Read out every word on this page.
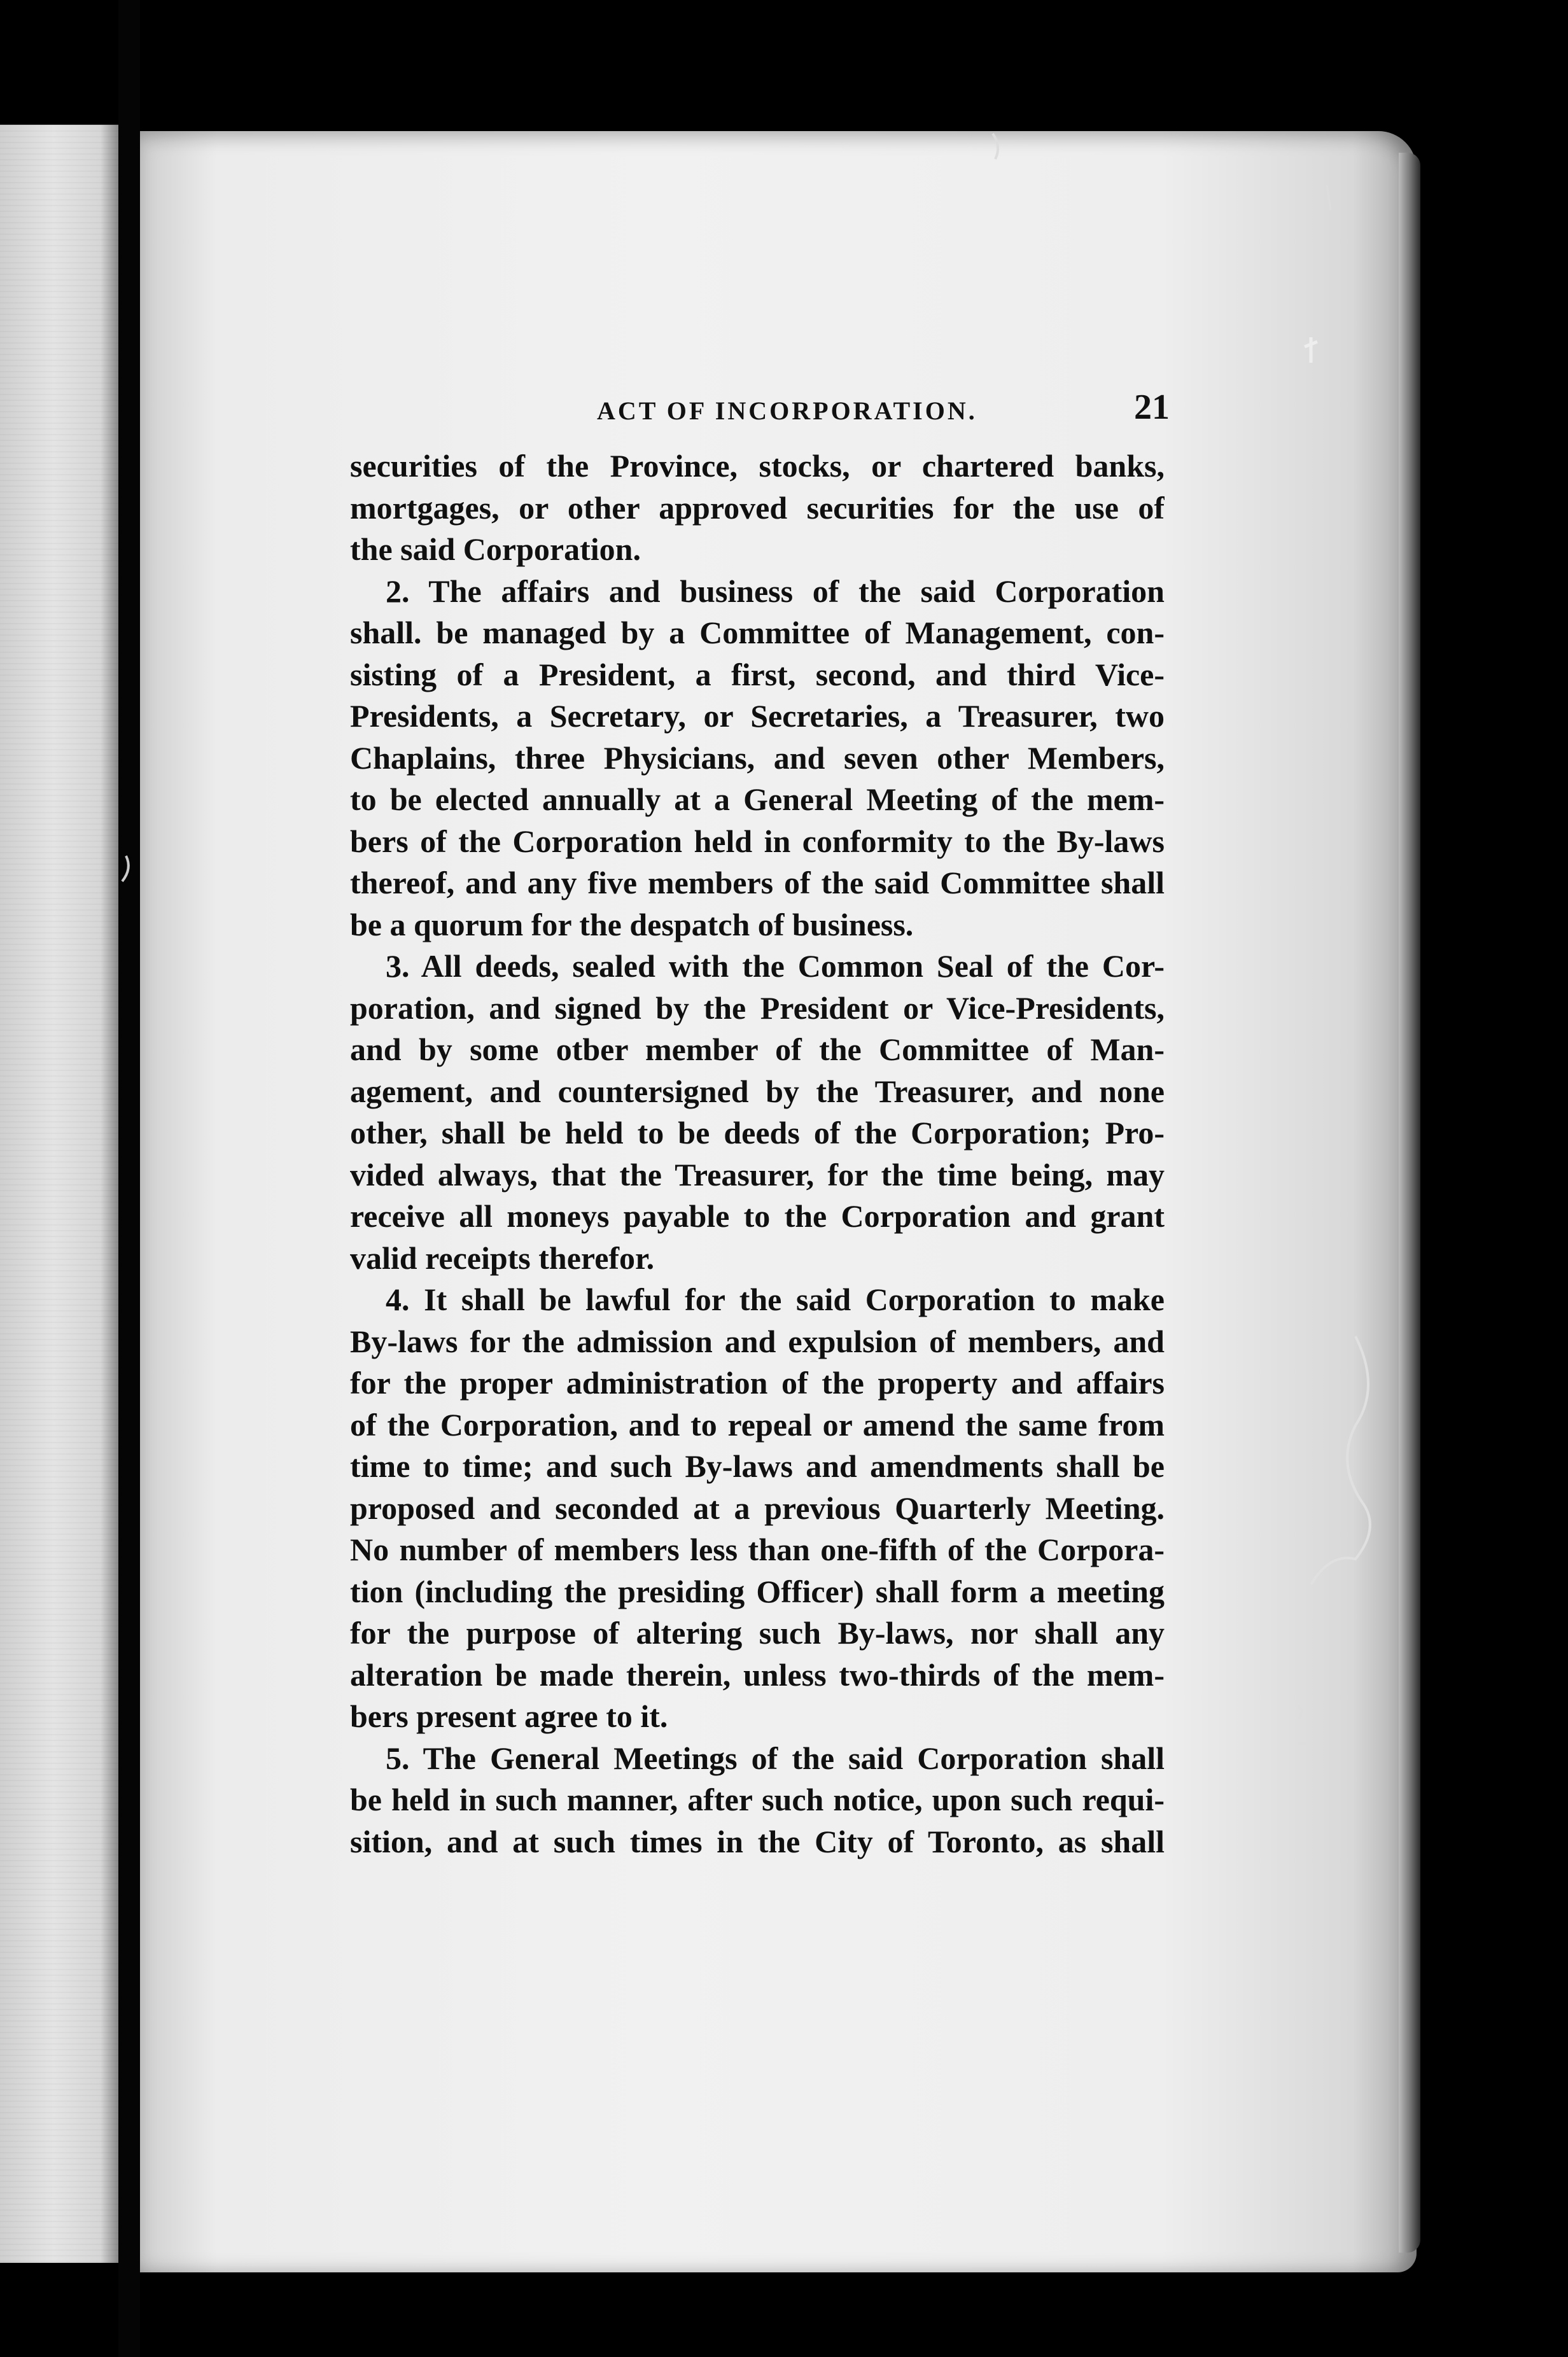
ACT OF INCORPORATION.	21
securities of the Province, stocks, or chartered banks,
mortgages, or other approved securities for the use of
the said Corporation.
2. The affairs and business of the said Corporation
shall. be managed by a Committee of Management, con-
sisting of a President, a first, second, and third Vice-
Presidents, a Secretary, or Secretaries, a Treasurer, two
Chaplains, three Physicians, and seven other Members,
to be elected annually at a General Meeting of the mem-
bers of the Corporation held in conformity to the By-laws
thereof, and any five members of the said Committee shall
be a quorum for the despatch of business.
3. All deeds, sealed with the Common Seal of the Cor-
poration, and signed by the President or Vice-Presidents,
and by some otber member of the Committee of Man-
agement, and countersigned by the Treasurer, and none
other, shall be held to be deeds of the Corporation; Pro-
vided always, that the Treasurer, for the time being, may
receive all moneys payable to the Corporation and grant
valid receipts therefor.
4. It shall be lawful for the said Corporation to make
By-laws for the admission and expulsion of members, and
for the proper administration of the property and affairs
of the Corporation, and to repeal or amend the same from
time to time; and such By-laws and amendments shall be
proposed and seconded at a previous Quarterly Meeting.
No number of members less than one-fifth of the Corpora-
tion (including the presiding Officer) shall form a meeting
for the purpose of altering such By-laws, nor shall any
alteration be made therein, unless two-thirds of the mem-
bers present agree to it.
5. The General Meetings of the said Corporation shall
be held in such manner, after such notice, upon such requi-
sition, and at such times in the City of Toronto, as shall
